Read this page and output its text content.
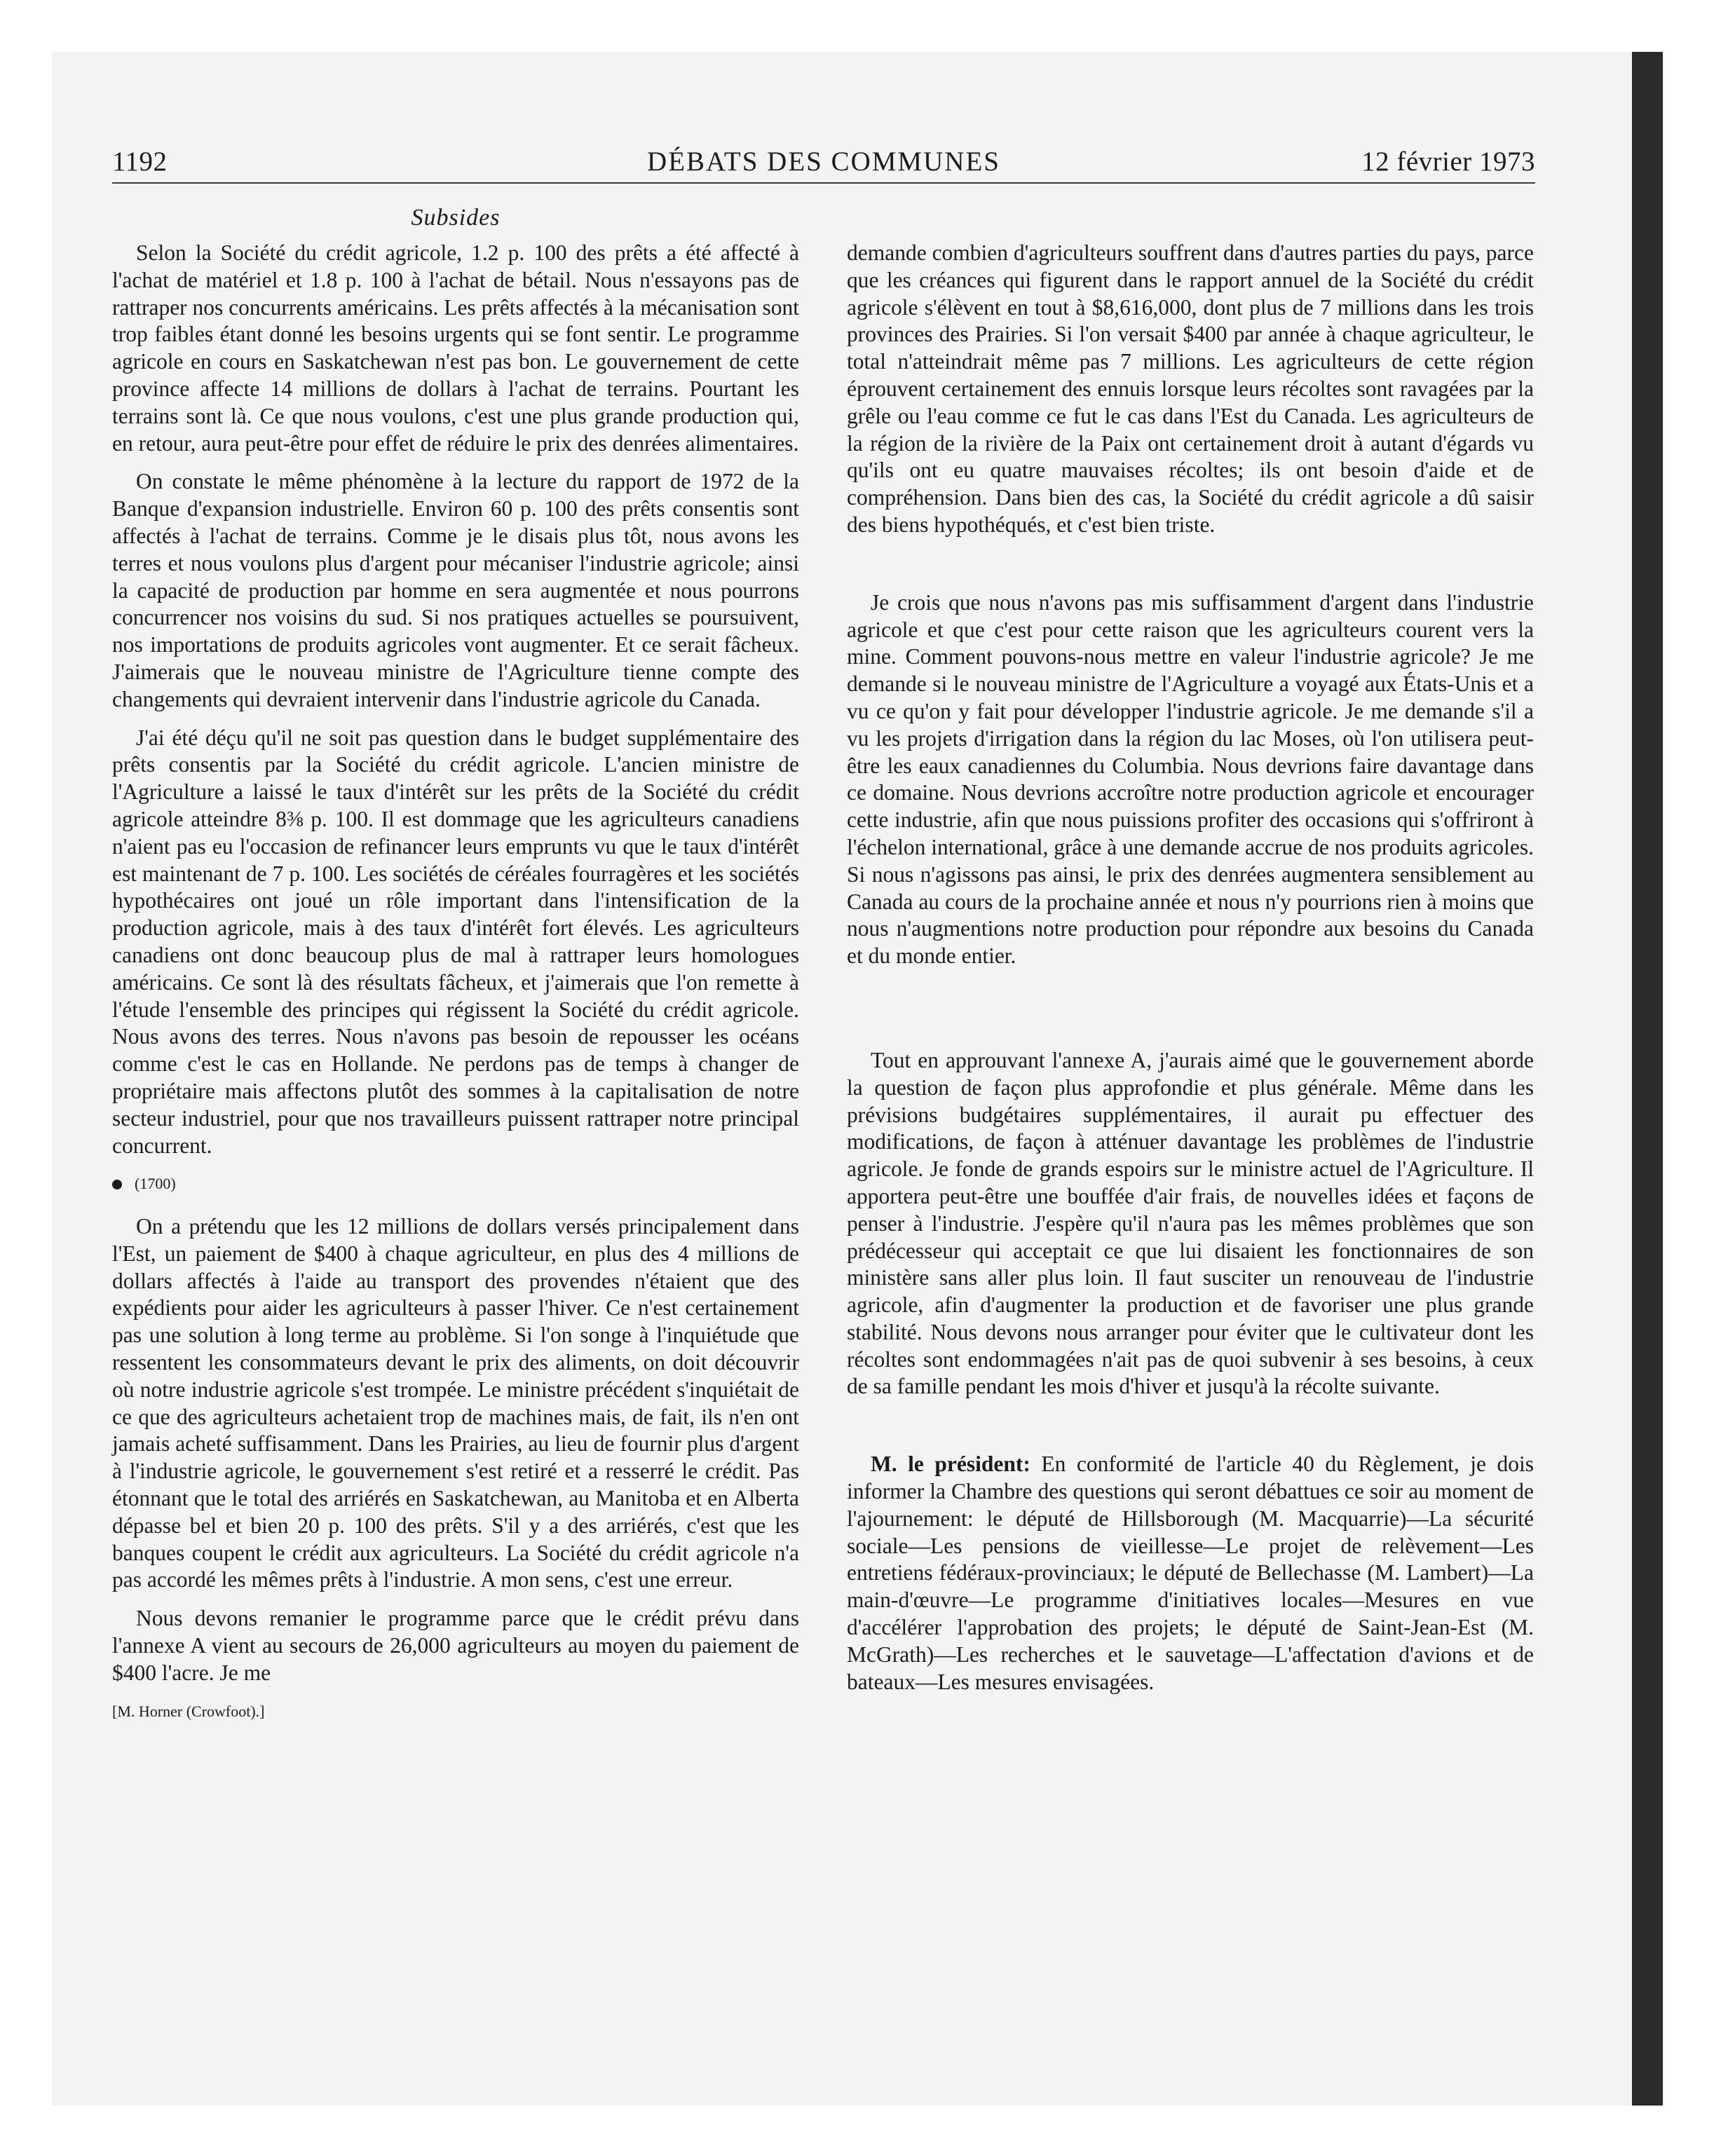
1192	DÉBATS DES COMMUNES	12 février 1973
Subsides

Selon la Société du crédit agricole, 1.2 p. 100 des prêts a été affecté à l'achat de matériel et 1.8 p. 100 à l'achat de bétail. Nous n'essayons pas de rattraper nos concurrents américains. Les prêts affectés à la mécanisation sont trop faibles étant donné les besoins urgents qui se font sentir. Le programme agricole en cours en Saskatchewan n'est pas bon. Le gouvernement de cette province affecte 14 millions de dollars à l'achat de terrains. Pourtant les terrains sont là. Ce que nous voulons, c'est une plus grande production qui, en retour, aura peut-être pour effet de réduire le prix des denrées alimentaires.

On constate le même phénomène à la lecture du rapport de 1972 de la Banque d'expansion industrielle. Environ 60 p. 100 des prêts consentis sont affectés à l'achat de terrains. Comme je le disais plus tôt, nous avons les terres et nous voulons plus d'argent pour mécaniser l'industrie agricole; ainsi la capacité de production par homme en sera augmentée et nous pourrons concurrencer nos voisins du sud. Si nos pratiques actuelles se poursuivent, nos importations de produits agricoles vont augmenter. Et ce serait fâcheux. J'aimerais que le nouveau ministre de l'Agriculture tienne compte des changements qui devraient intervenir dans l'industrie agricole du Canada.

J'ai été déçu qu'il ne soit pas question dans le budget supplémentaire des prêts consentis par la Société du crédit agricole. L'ancien ministre de l'Agriculture a laissé le taux d'intérêt sur les prêts de la Société du crédit agricole atteindre 8⅜ p. 100. Il est dommage que les agriculteurs canadiens n'aient pas eu l'occasion de refinancer leurs emprunts vu que le taux d'intérêt est maintenant de 7 p. 100. Les sociétés de céréales fourragères et les sociétés hypothécaires ont joué un rôle important dans l'intensification de la production agricole, mais à des taux d'intérêt fort élevés. Les agriculteurs canadiens ont donc beaucoup plus de mal à rattraper leurs homologues américains. Ce sont là des résultats fâcheux, et j'aimerais que l'on remette à l'étude l'ensemble des principes qui régissent la Société du crédit agricole. Nous avons des terres. Nous n'avons pas besoin de repousser les océans comme c'est le cas en Hollande. Ne perdons pas de temps à changer de propriétaire mais affectons plutôt des sommes à la capitalisation de notre secteur industriel, pour que nos travailleurs puissent rattraper notre principal concurrent.

(1700)

On a prétendu que les 12 millions de dollars versés principalement dans l'Est, un paiement de $400 à chaque agriculteur, en plus des 4 millions de dollars affectés à l'aide au transport des provendes n'étaient que des expédients pour aider les agriculteurs à passer l'hiver. Ce n'est certainement pas une solution à long terme au problème. Si l'on songe à l'inquiétude que ressentent les consommateurs devant le prix des aliments, on doit découvrir où notre industrie agricole s'est trompée. Le ministre précédent s'inquiétait de ce que des agriculteurs achetaient trop de machines mais, de fait, ils n'en ont jamais acheté suffisamment. Dans les Prairies, au lieu de fournir plus d'argent à l'industrie agricole, le gouvernement s'est retiré et a resserré le crédit. Pas étonnant que le total des arriérés en Saskatchewan, au Manitoba et en Alberta dépasse bel et bien 20 p. 100 des prêts. S'il y a des arriérés, c'est que les banques coupent le crédit aux agriculteurs. La Société du crédit agricole n'a pas accordé les mêmes prêts à l'industrie. A mon sens, c'est une erreur.

Nous devons remanier le programme parce que le crédit prévu dans l'annexe A vient au secours de 26,000 agriculteurs au moyen du paiement de $400 l'acre. Je me

[M. Horner (Crowfoot).]

demande combien d'agriculteurs souffrent dans d'autres parties du pays, parce que les créances qui figurent dans le rapport annuel de la Société du crédit agricole s'élèvent en tout à $8,616,000, dont plus de 7 millions dans les trois provinces des Prairies. Si l'on versait $400 par année à chaque agriculteur, le total n'atteindrait même pas 7 millions. Les agriculteurs de cette région éprouvent certainement des ennuis lorsque leurs récoltes sont ravagées par la grêle ou l'eau comme ce fut le cas dans l'Est du Canada. Les agriculteurs de la région de la rivière de la Paix ont certainement droit à autant d'égards vu qu'ils ont eu quatre mauvaises récoltes; ils ont besoin d'aide et de compréhension. Dans bien des cas, la Société du crédit agricole a dû saisir des biens hypothéqués, et c'est bien triste.

Je crois que nous n'avons pas mis suffisamment d'argent dans l'industrie agricole et que c'est pour cette raison que les agriculteurs courent vers la mine. Comment pouvons-nous mettre en valeur l'industrie agricole? Je me demande si le nouveau ministre de l'Agriculture a voyagé aux États-Unis et a vu ce qu'on y fait pour développer l'industrie agricole. Je me demande s'il a vu les projets d'irrigation dans la région du lac Moses, où l'on utilisera peut-être les eaux canadiennes du Columbia. Nous devrions faire davantage dans ce domaine. Nous devrions accroître notre production agricole et encourager cette industrie, afin que nous puissions profiter des occasions qui s'offriront à l'échelon international, grâce à une demande accrue de nos produits agricoles. Si nous n'agissons pas ainsi, le prix des denrées augmentera sensiblement au Canada au cours de la prochaine année et nous n'y pourrions rien à moins que nous n'augmentions notre production pour répondre aux besoins du Canada et du monde entier.

Tout en approuvant l'annexe A, j'aurais aimé que le gouvernement aborde la question de façon plus approfondie et plus générale. Même dans les prévisions budgétaires supplémentaires, il aurait pu effectuer des modifications, de façon à atténuer davantage les problèmes de l'industrie agricole. Je fonde de grands espoirs sur le ministre actuel de l'Agriculture. Il apportera peut-être une bouffée d'air frais, de nouvelles idées et façons de penser à l'industrie. J'espère qu'il n'aura pas les mêmes problèmes que son prédécesseur qui acceptait ce que lui disaient les fonctionnaires de son ministère sans aller plus loin. Il faut susciter un renouveau de l'industrie agricole, afin d'augmenter la production et de favoriser une plus grande stabilité. Nous devons nous arranger pour éviter que le cultivateur dont les récoltes sont endommagées n'ait pas de quoi subvenir à ses besoins, à ceux de sa famille pendant les mois d'hiver et jusqu'à la récolte suivante.

M. le président: En conformité de l'article 40 du Règlement, je dois informer la Chambre des questions qui seront débattues ce soir au moment de l'ajournement: le député de Hillsborough (M. Macquarrie)—La sécurité sociale—Les pensions de vieillesse—Le projet de relèvement—Les entretiens fédéraux-provinciaux; le député de Bellechasse (M. Lambert)—La main-d'œuvre—Le programme d'initiatives locales—Mesures en vue d'accélérer l'approbation des projets; le député de Saint-Jean-Est (M. McGrath)—Les recherches et le sauvetage—L'affectation d'avions et de bateaux—Les mesures envisagées.
